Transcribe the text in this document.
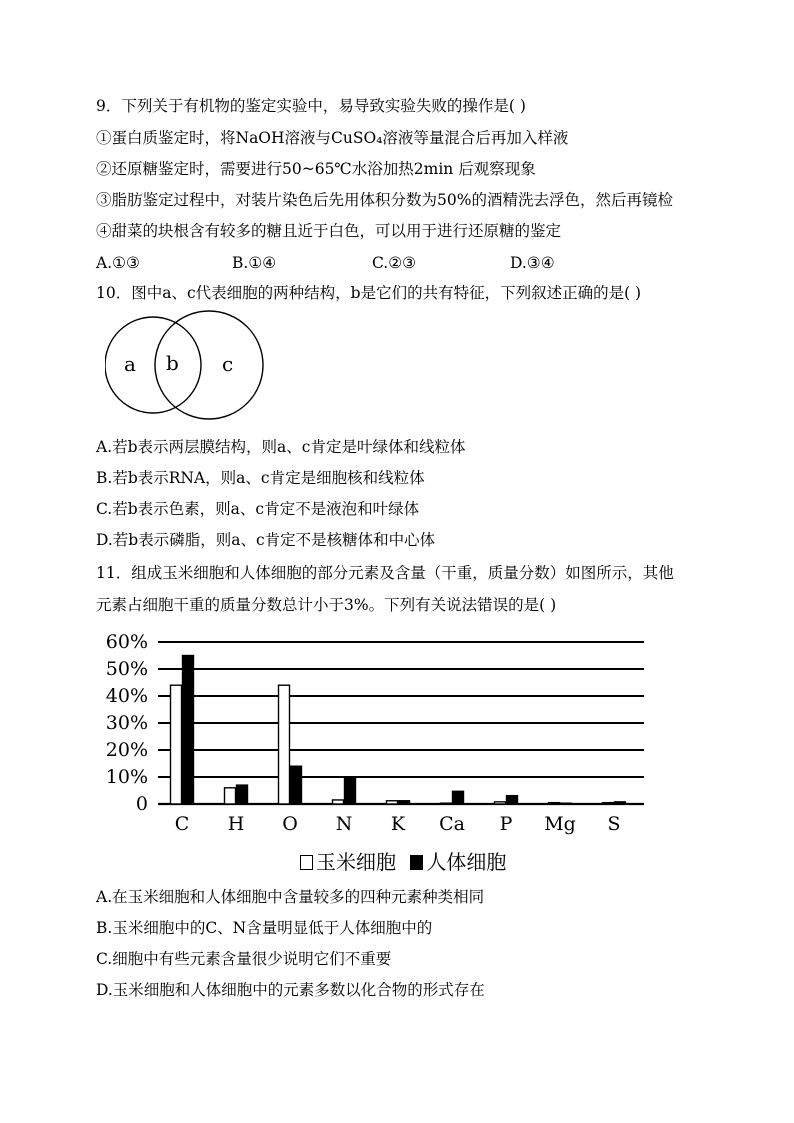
9．下列关于有机物的鉴定实验中，易导致实验失败的操作是( )
①蛋白质鉴定时，将NaOH溶液与CuSO₄溶液等量混合后再加入样液
②还原糖鉴定时，需要进行50~65℃水浴加热2min 后观察现象
③脂肪鉴定过程中，对装片染色后先用体积分数为50%的酒精洗去浮色，然后再镜检
④甜菜的块根含有较多的糖且近于白色，可以用于进行还原糖的鉴定
A.①③	B.①④	C.②③	D.③④
10．图中a、c代表细胞的两种结构，b是它们的共有特征，下列叙述正确的是( )
a b c
A.若b表示两层膜结构，则a、c肯定是叶绿体和线粒体
B.若b表示RNA，则a、c肯定是细胞核和线粒体
C.若b表示色素，则a、c肯定不是液泡和叶绿体
D.若b表示磷脂，则a、c肯定不是核糖体和中心体
11．组成玉米细胞和人体细胞的部分元素及含量（干重，质量分数）如图所示，其他
元素占细胞干重的质量分数总计小于3%。下列有关说法错误的是( )
0
10%
20%
30%
40%
50%
60%
C H O N K Ca P Mg S
玉米细胞 人体细胞
A.在玉米细胞和人体细胞中含量较多的四种元素种类相同
B.玉米细胞中的C、N含量明显低于人体细胞中的
C.细胞中有些元素含量很少说明它们不重要
D.玉米细胞和人体细胞中的元素多数以化合物的形式存在
